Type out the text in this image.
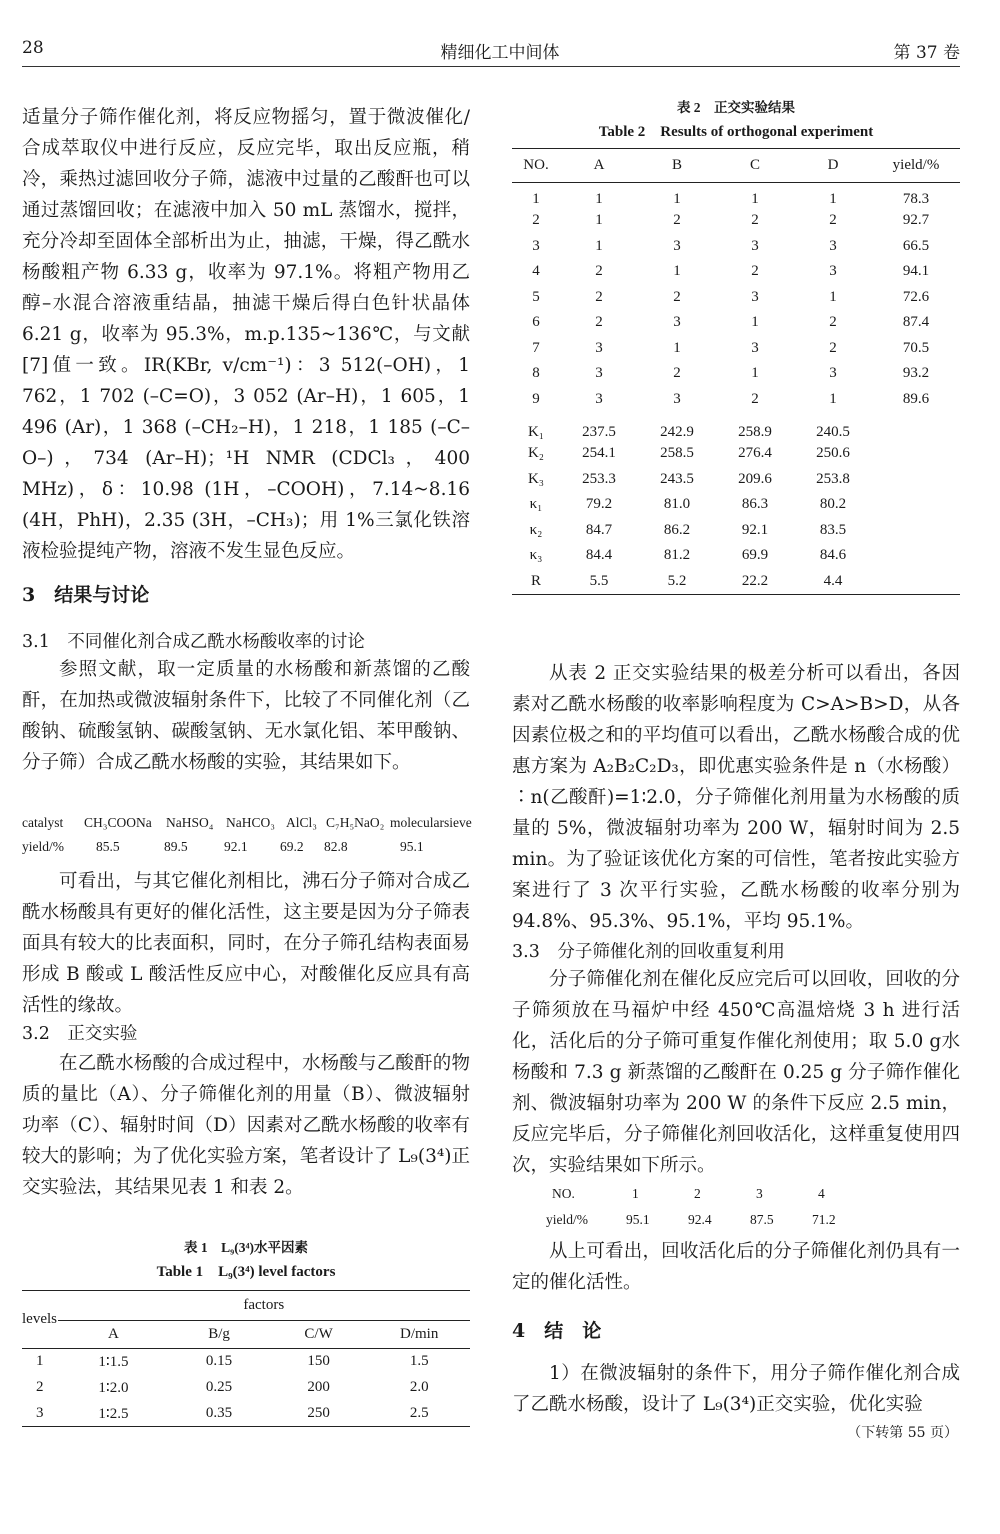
28	精细化工中间体	第 37 卷
适量分子筛作催化剂，将反应物摇匀，置于微波催化/合成萃取仪中进行反应，反应完毕，取出反应瓶，稍冷，乘热过滤回收分子筛，滤液中过量的乙酸酐也可以通过蒸馏回收；在滤液中加入 50 mL 蒸馏水，搅拌，充分冷却至固体全部析出为止，抽滤，干燥，得乙酰水杨酸粗产物 6.33 g，收率为 97.1%。将粗产物用乙醇–水混合溶液重结晶，抽滤干燥后得白色针状晶体 6.21 g，收率为 95.3%，m.p.135~136℃，与文献[7]值一致。IR(KBr, v/cm⁻¹)：3 512(–OH)，1 762，1 702 (–C=O)，3 052 (Ar–H)，1 605，1 496 (Ar)，1 368 (–CH₂–H)，1 218，1 185 (–C–O–)，734 (Ar–H)；¹H NMR (CDCl₃，400 MHz)，δ：10.98 (1H，–COOH)，7.14~8.16 (4H，PhH)，2.35 (3H，–CH₃)；用 1%三氯化铁溶液检验提纯产物，溶液不发生显色反应。
3　结果与讨论
3.1　不同催化剂合成乙酰水杨酸收率的讨论
参照文献，取一定质量的水杨酸和新蒸馏的乙酸酐，在加热或微波辐射条件下，比较了不同催化剂（乙酸钠、硫酸氢钠、碳酸氢钠、无水氯化铝、苯甲酸钠、分子筛）合成乙酰水杨酸的实验，其结果如下。
catalyst	CH₃COONa	NaHSO₄ NaHCO₃ AlCl₃ C₇H₅NaO₂ molecularsieve
yield/%	85.5	89.5	92.1	69.2	82.8	95.1
可看出，与其它催化剂相比，沸石分子筛对合成乙酰水杨酸具有更好的催化活性，这主要是因为分子筛表面具有较大的比表面积，同时，在分子筛孔结构表面易形成 B 酸或 L 酸活性反应中心，对酸催化反应具有高活性的缘故。
3.2　正交实验
在乙酰水杨酸的合成过程中，水杨酸与乙酸酐的物质的量比（A）、分子筛催化剂的用量（B）、微波辐射功率（C）、辐射时间（D）因素对乙酰水杨酸的收率有较大的影响；为了优化实验方案，笔者设计了 L₉(3⁴)正交实验法，其结果见表 1 和表 2。
表 1　L₉(3⁴)水平因素
Table 1　L₉(3⁴) level factors
levels	factors			
	A	B/g	C/W	D/min
1	1∶1.5	0.15	150	1.5
2	1∶2.0	0.25	200	2.0
3	1∶2.5	0.35	250	2.5
表 2　正交实验结果
Table 2　Results of orthogonal experiment
NO.	A	B	C	D	yield/%
1	1	1	1	1	78.3
2	1	2	2	2	92.7
3	1	3	3	3	66.5
4	2	1	2	3	94.1
5	2	2	3	1	72.6
6	2	3	1	2	87.4
7	3	1	3	2	70.5
8	3	2	1	3	93.2
9	3	3	2	1	89.6
K₁	237.5	242.9	258.9	240.5	
K₂	254.1	258.5	276.4	250.6	
K₃	253.3	243.5	209.6	253.8	
κ₁	79.2	81.0	86.3	80.2	
κ₂	84.7	86.2	92.1	83.5	
κ₃	84.4	81.2	69.9	84.6	
R	5.5	5.2	22.2	4.4	
从表 2 正交实验结果的极差分析可以看出，各因素对乙酰水杨酸的收率影响程度为 C>A>B>D，从各因素位极之和的平均值可以看出，乙酰水杨酸合成的优惠方案为 A₂B₂C₂D₃，即优惠实验条件是 n（水杨酸）∶n(乙酸酐)=1∶2.0，分子筛催化剂用量为水杨酸的质量的 5%，微波辐射功率为 200 W，辐射时间为 2.5 min。为了验证该优化方案的可信性，笔者按此实验方案进行了 3 次平行实验，乙酰水杨酸的收率分别为 94.8%、95.3%、95.1%，平均 95.1%。
3.3　分子筛催化剂的回收重复利用
分子筛催化剂在催化反应完后可以回收，回收的分子筛须放在马福炉中经 450℃高温焙烧 3 h 进行活化，活化后的分子筛可重复作催化剂使用；取 5.0 g水杨酸和 7.3 g 新蒸馏的乙酸酐在 0.25 g 分子筛作催化剂、微波辐射功率为 200 W 的条件下反应 2.5 min，反应完毕后，分子筛催化剂回收活化，这样重复使用四次，实验结果如下所示。
NO.	1	2	3	4
yield/%	95.1	92.4	87.5	71.2
从上可看出，回收活化后的分子筛催化剂仍具有一定的催化活性。
4　结　论
1）在微波辐射的条件下，用分子筛作催化剂合成了乙酰水杨酸，设计了 L₉(3⁴)正交实验，优化实验
（下转第 55 页）
